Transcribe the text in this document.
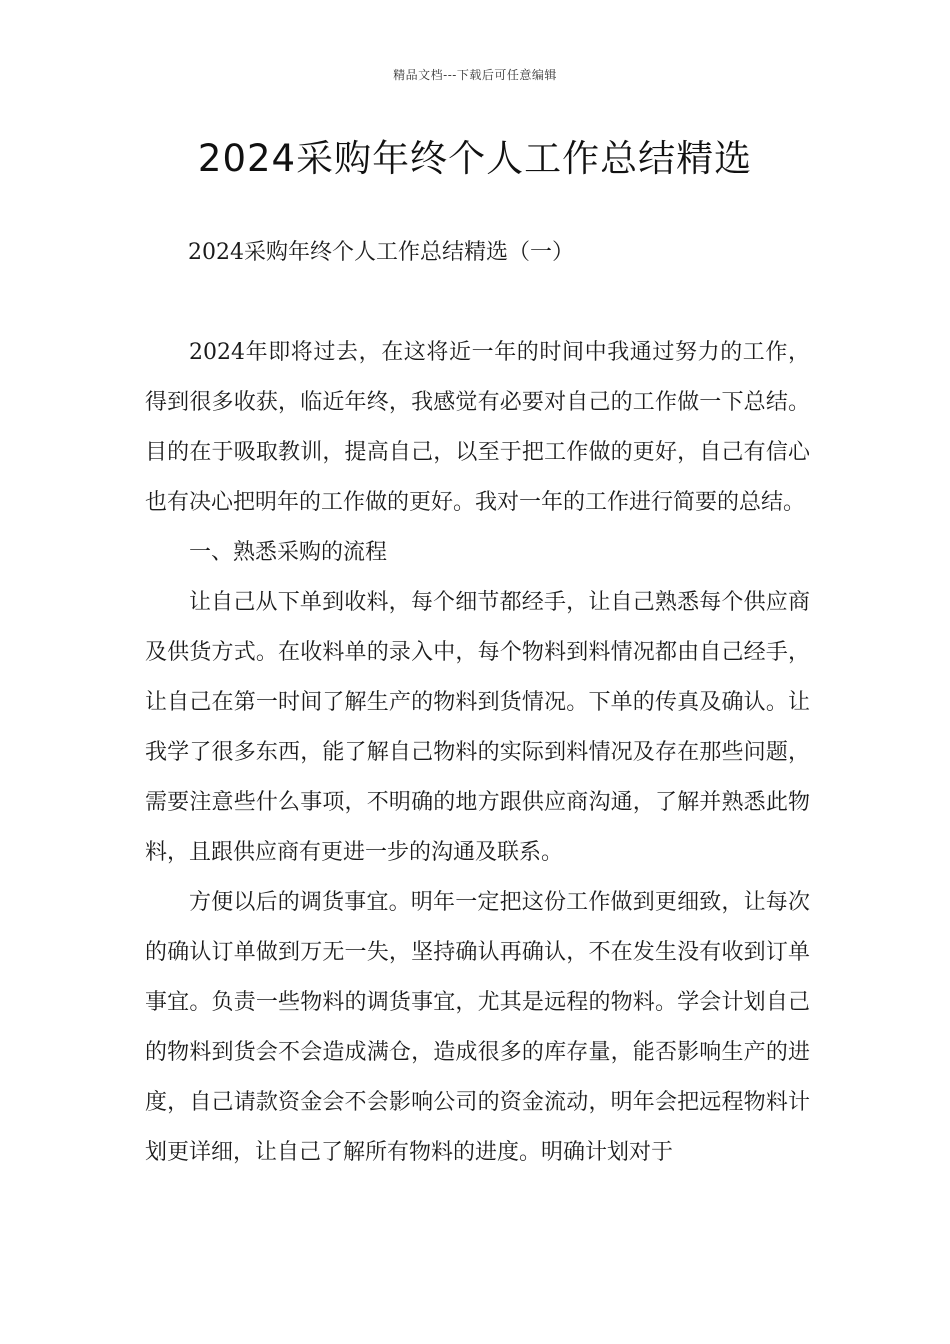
精品文档---下载后可任意编辑
2024采购年终个人工作总结精选

2024采购年终个人工作总结精选（一）

2024年即将过去，在这将近一年的时间中我通过努力的工作，得到很多收获，临近年终，我感觉有必要对自己的工作做一下总结。目的在于吸取教训，提高自己，以至于把工作做的更好，自己有信心也有决心把明年的工作做的更好。我对一年的工作进行简要的总结。

一、熟悉采购的流程

让自己从下单到收料，每个细节都经手，让自己熟悉每个供应商及供货方式。在收料单的录入中，每个物料到料情况都由自己经手，让自己在第一时间了解生产的物料到货情况。下单的传真及确认。让我学了很多东西，能了解自己物料的实际到料情况及存在那些问题，需要注意些什么事项，不明确的地方跟供应商沟通，了解并熟悉此物料，且跟供应商有更进一步的沟通及联系。

方便以后的调货事宜。明年一定把这份工作做到更细致，让每次的确认订单做到万无一失，坚持确认再确认，不在发生没有收到订单事宜。负责一些物料的调货事宜，尤其是远程的物料。学会计划自己的物料到货会不会造成满仓，造成很多的库存量，能否影响生产的进度，自己请款资金会不会影响公司的资金流动，明年会把远程物料计划更详细，让自己了解所有物料的进度。明确计划对于
